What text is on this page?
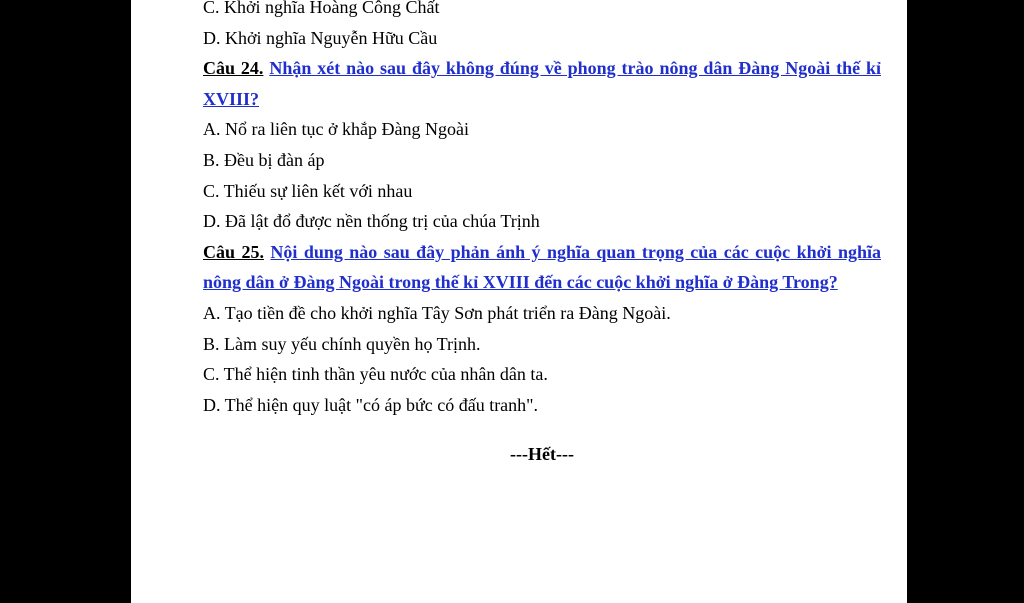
C. Khởi nghĩa Hoàng Công Chất
D. Khởi nghĩa Nguyễn Hữu Cầu
Câu 24. Nhận xét nào sau đây không đúng về phong trào nông dân Đàng Ngoài thế kỉ XVIII?
A. Nổ ra liên tục ở khắp Đàng Ngoài
B. Đều bị đàn áp
C. Thiếu sự liên kết với nhau
D. Đã lật đổ được nền thống trị của chúa Trịnh
Câu 25. Nội dung nào sau đây phản ánh ý nghĩa quan trọng của các cuộc khởi nghĩa nông dân ở Đàng Ngoài trong thế kỉ XVIII đến các cuộc khởi nghĩa ở Đàng Trong?
A. Tạo tiền đề cho khởi nghĩa Tây Sơn phát triển ra Đàng Ngoài.
B. Làm suy yếu chính quyền họ Trịnh.
C. Thể hiện tinh thần yêu nước của nhân dân ta.
D. Thể hiện quy luật "có áp bức có đấu tranh".
---Hết---
